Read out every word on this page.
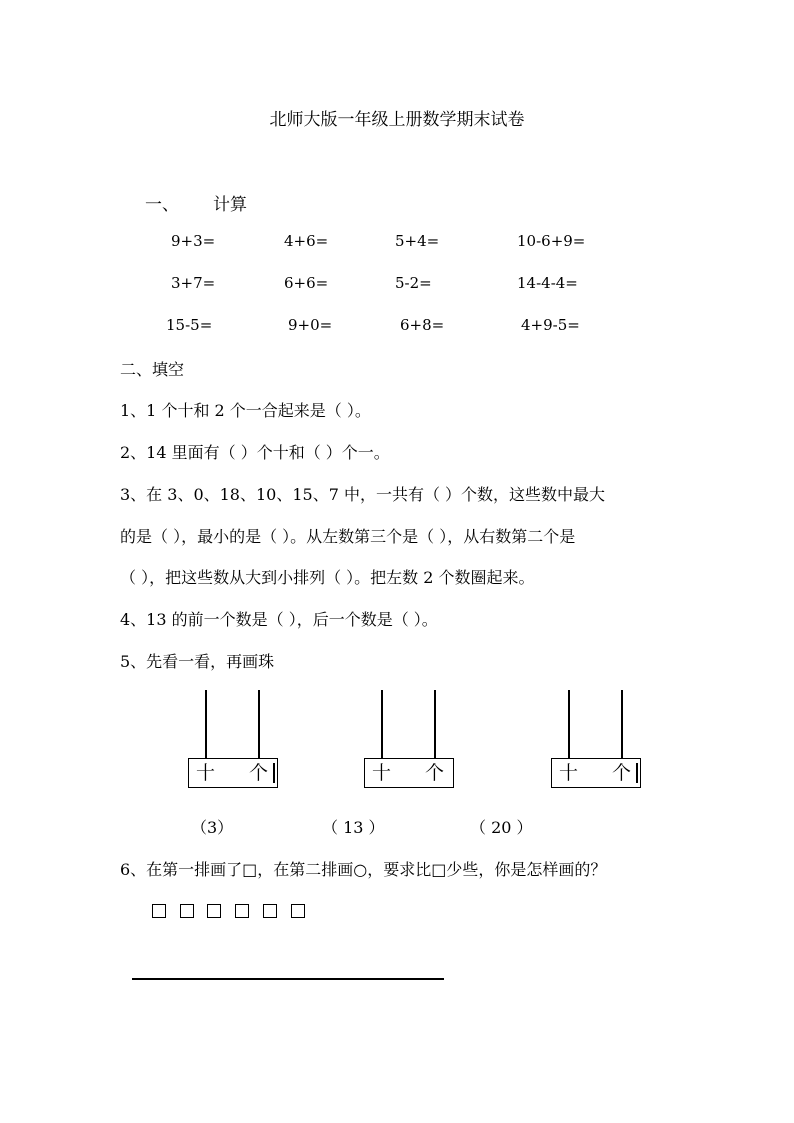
北师大版一年级上册数学期末试卷
一、 计算
9+3=	4+6=	5+4=	10-6+9=
3+7=	6+6=	5-2=	14-4-4=
15-5=	9+0=	6+8=	4+9-5=
二、填空
1、1 个十和 2 个一合起来是（ ）。
2、14 里面有（ ）个十和（ ）个一。
3、在 3、0、18、10、15、7 中，一共有（ ）个数，这些数中最大
的是（ ），最小的是（ ）。从左数第三个是（ ），从右数第二个是
（ ），把这些数从大到小排列（ ）。把左数 2 个数圈起来。
4、13 的前一个数是（ ），后一个数是（ ）。
5、先看一看，再画珠
十 个	十 个	十 个
（3）	（ 13 ）	（ 20 ）
6、在第一排画了□，在第二排画○，要求比□少些，你是怎样画的？
